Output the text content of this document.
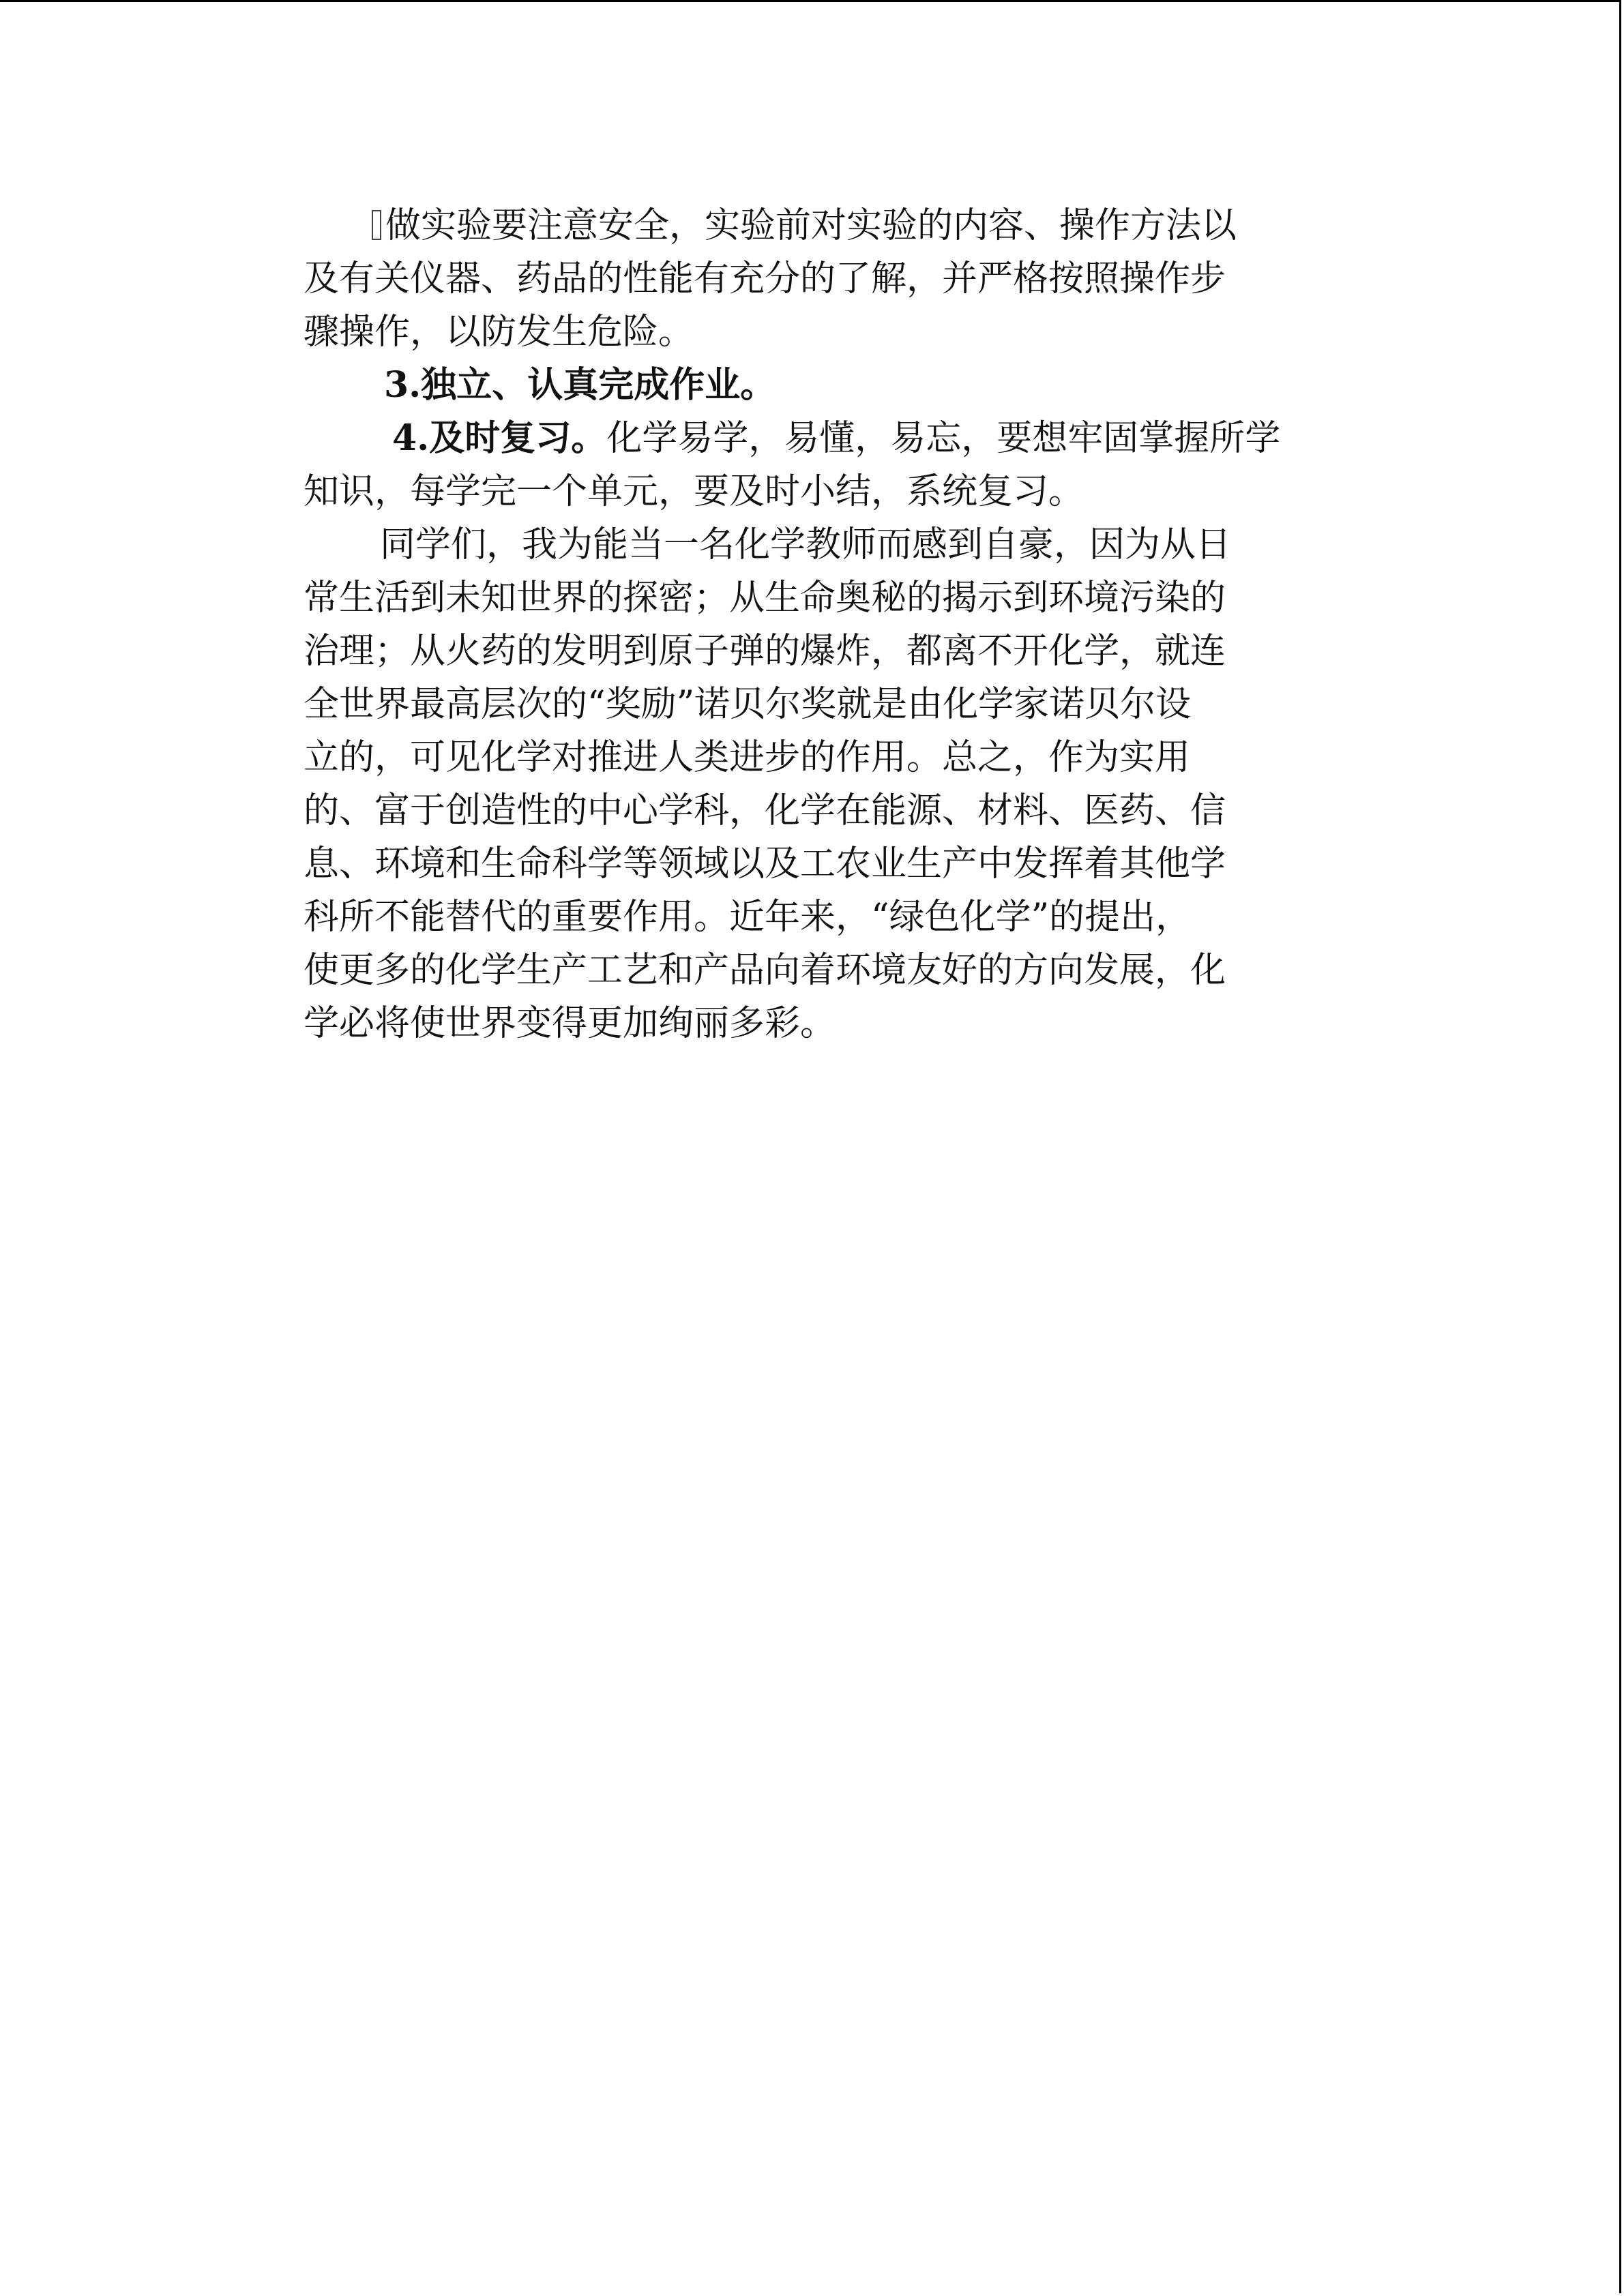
做实验要注意安全，实验前对实验的内容、操作方法以
及有关仪器、药品的性能有充分的了解，并严格按照操作步
骤操作，以防发生危险。
3.独立、认真完成作业。
4.及时复习。化学易学，易懂，易忘，要想牢固掌握所学
知识，每学完一个单元，要及时小结，系统复习。
同学们，我为能当一名化学教师而感到自豪，因为从日
常生活到未知世界的探密；从生命奥秘的揭示到环境污染的
治理；从火药的发明到原子弹的爆炸，都离不开化学，就连
全世界最高层次的“奖励”诺贝尔奖就是由化学家诺贝尔设
立的，可见化学对推进人类进步的作用。总之，作为实用
的、富于创造性的中心学科，化学在能源、材料、医药、信
息、环境和生命科学等领域以及工农业生产中发挥着其他学
科所不能替代的重要作用。近年来，“绿色化学”的提出，
使更多的化学生产工艺和产品向着环境友好的方向发展，化
学必将使世界变得更加绚丽多彩。
